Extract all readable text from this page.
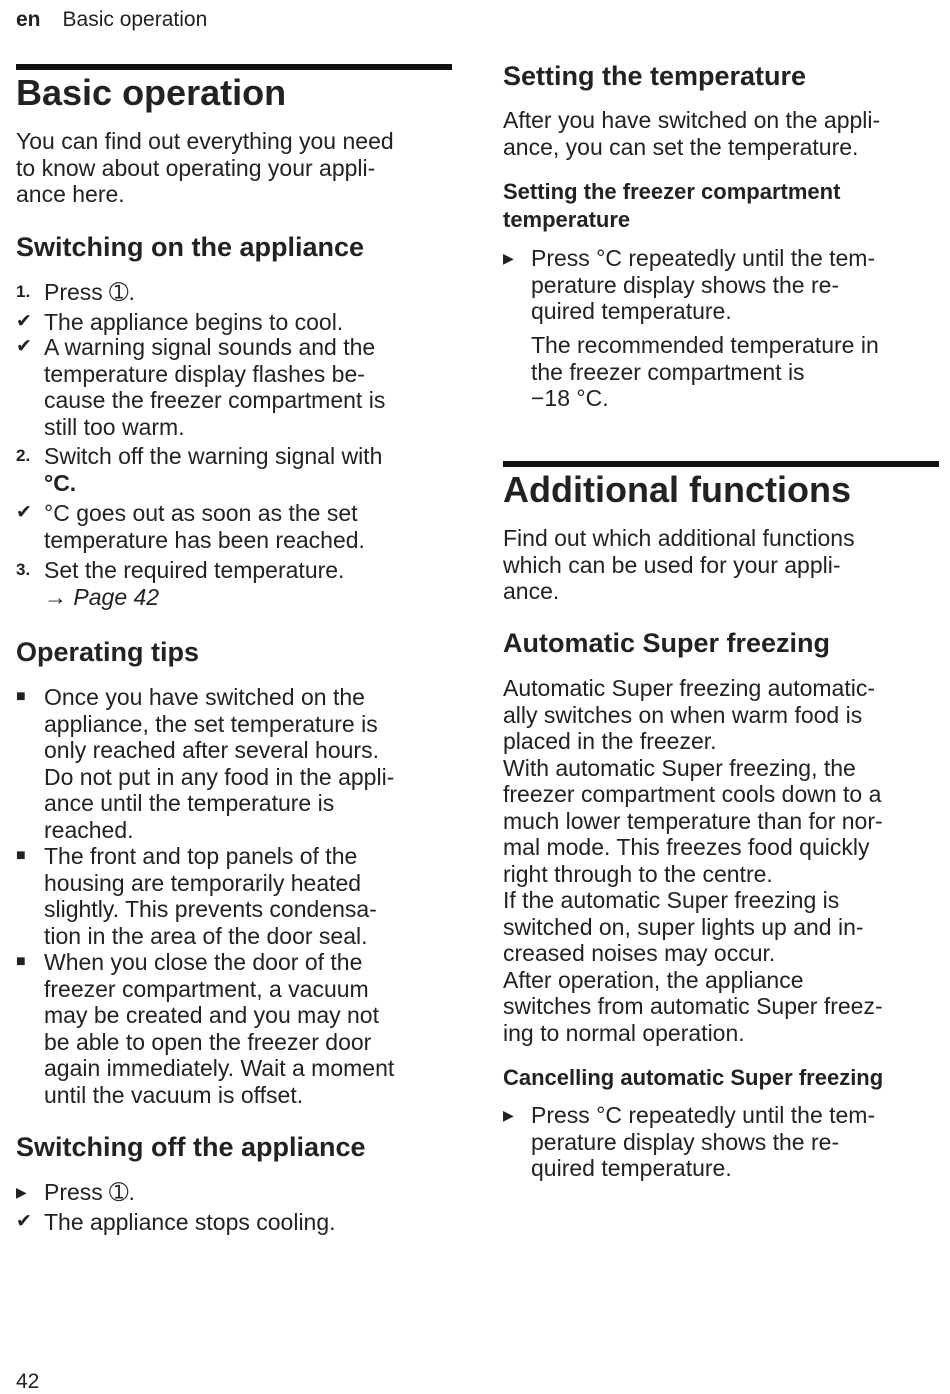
en Basic operation
Basic operation
You can find out everything you need
to know about operating your appli-
ance here.
Switching on the appliance
1. Press ➀.
✔ The appliance begins to cool.
✔ A warning signal sounds and the
temperature display flashes be-
cause the freezer compartment is
still too warm.
2. Switch off the warning signal with
°C.
✔ °C goes out as soon as the set
temperature has been reached.
3. Set the required temperature.
→ Page 42
Operating tips
■ Once you have switched on the
appliance, the set temperature is
only reached after several hours.
Do not put in any food in the appli-
ance until the temperature is
reached.
■ The front and top panels of the
housing are temporarily heated
slightly. This prevents condensa-
tion in the area of the door seal.
■ When you close the door of the
freezer compartment, a vacuum
may be created and you may not
be able to open the freezer door
again immediately. Wait a moment
until the vacuum is offset.
Switching off the appliance
▶ Press ➀.
✔ The appliance stops cooling.
Setting the temperature
After you have switched on the appli-
ance, you can set the temperature.
Setting the freezer compartment
temperature
▶ Press °C repeatedly until the tem-
perature display shows the re-
quired temperature.
The recommended temperature in
the freezer compartment is
−18 °C.
Additional functions
Find out which additional functions
which can be used for your appli-
ance.
Automatic Super freezing
Automatic Super freezing automatic-
ally switches on when warm food is
placed in the freezer.
With automatic Super freezing, the
freezer compartment cools down to a
much lower temperature than for nor-
mal mode. This freezes food quickly
right through to the centre.
If the automatic Super freezing is
switched on, super lights up and in-
creased noises may occur.
After operation, the appliance
switches from automatic Super freez-
ing to normal operation.
Cancelling automatic Super freezing
▶ Press °C repeatedly until the tem-
perature display shows the re-
quired temperature.
42
